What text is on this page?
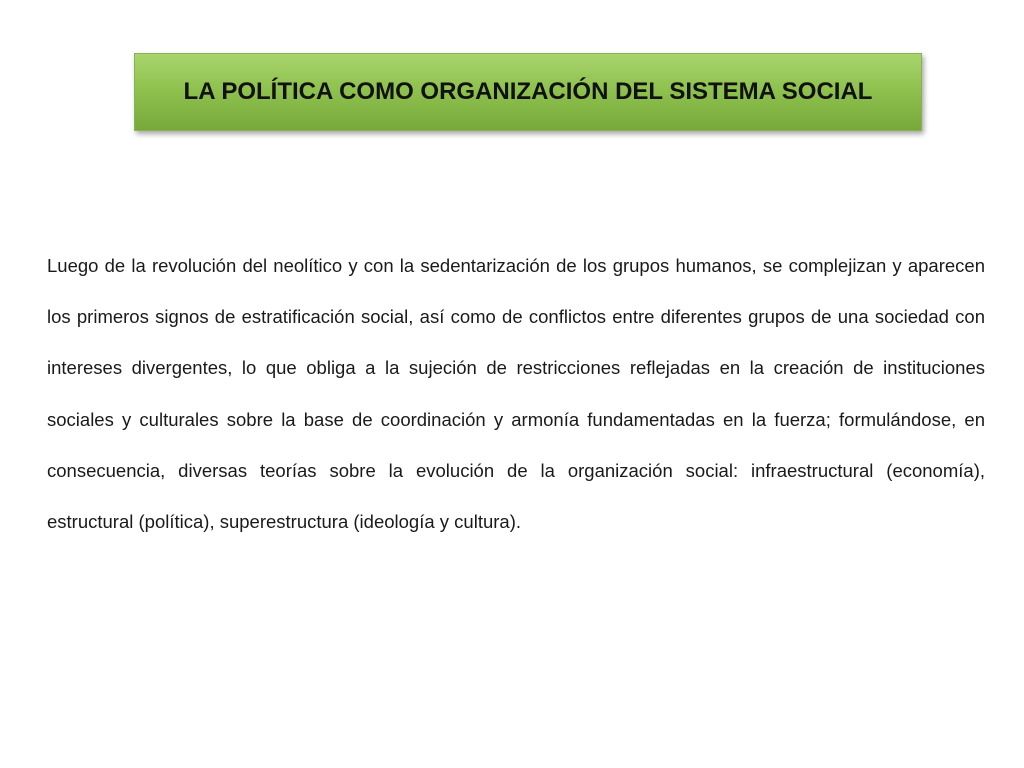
LA POLÍTICA COMO ORGANIZACIÓN DEL SISTEMA SOCIAL

Luego de la revolución del neolítico y con la sedentarización de los grupos humanos, se complejizan y aparecen los primeros signos de estratificación social, así como de conflictos entre diferentes grupos de una sociedad con intereses divergentes, lo que obliga a la sujeción de restricciones reflejadas en la creación de instituciones sociales y culturales sobre la base de coordinación y armonía fundamentadas en la fuerza; formulándose, en consecuencia, diversas teorías sobre la evolución de la organización social: infraestructural (economía), estructural (política), superestructura (ideología y cultura).
